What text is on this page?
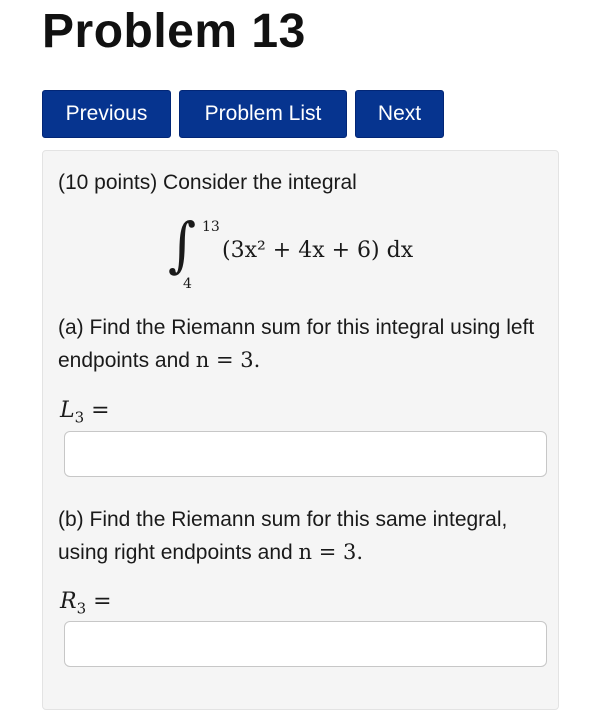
Problem 13
Previous	Problem List	Next
(10 points) Consider the integral
∫ 13
4
(3x² + 4x + 6) dx
(a) Find the Riemann sum for this integral using left endpoints and n = 3.
$L_3$ =
(b) Find the Riemann sum for this same integral, using right endpoints and n = 3.
$R_3$ =
